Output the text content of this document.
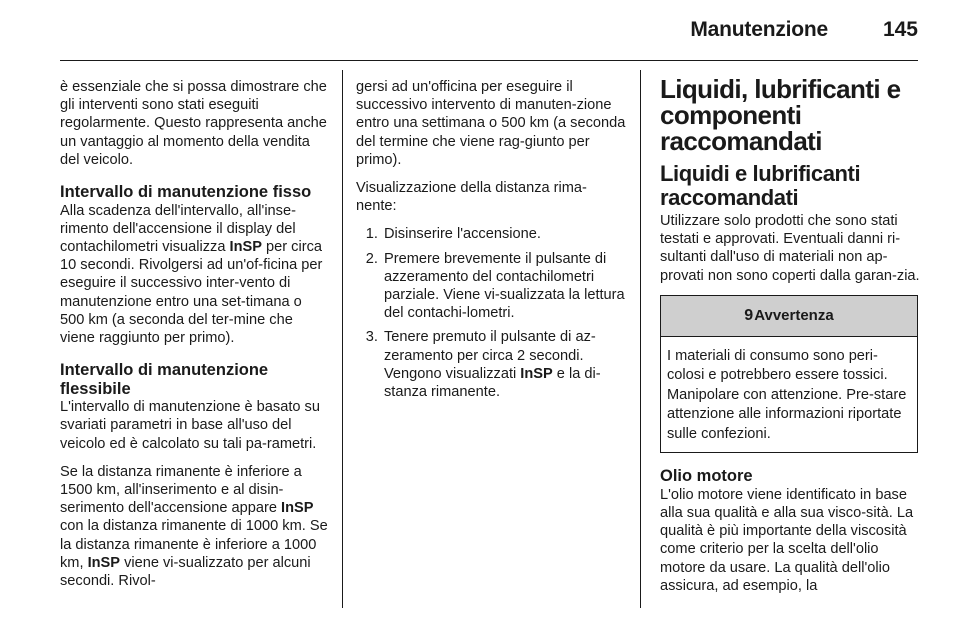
Manutenzione	145

è essenziale che si possa dimostrare che gli interventi sono stati eseguiti regolarmente. Questo rappresenta anche un vantaggio al momento della vendita del veicolo.

Intervallo di manutenzione fisso

Alla scadenza dell'intervallo, all'inse-rimento dell'accensione il display del contachilometri visualizza InSP per circa 10 secondi. Rivolgersi ad un'of-ficina per eseguire il successivo inter-vento di manutenzione entro una set-timana o 500 km (a seconda del ter-mine che viene raggiunto per primo).

Intervallo di manutenzione flessibile

L'intervallo di manutenzione è basato su svariati parametri in base all'uso del veicolo ed è calcolato su tali pa-rametri.

Se la distanza rimanente è inferiore a 1500 km, all'inserimento e al disin-serimento dell'accensione appare InSP con la distanza rimanente di 1000 km. Se la distanza rimanente è inferiore a 1000 km, InSP viene vi-sualizzato per alcuni secondi. Rivol-

gersi ad un'officina per eseguire il successivo intervento di manuten-zione entro una settimana o 500 km (a seconda del termine che viene rag-giunto per primo).

Visualizzazione della distanza rima-nente:

1. Disinserire l'accensione.
2. Premere brevemente il pulsante di azzeramento del contachilometri parziale. Viene vi-sualizzata la lettura del contachi-lometri.
3. Tenere premuto il pulsante di az-zeramento per circa 2 secondi. Vengono visualizzati InSP e la di-stanza rimanente.
Liquidi, lubrificanti e componenti raccomandati
Liquidi e lubrificanti raccomandati

Utilizzare solo prodotti che sono stati testati e approvati. Eventuali danni ri-sultanti dall'uso di materiali non ap-provati non sono coperti dalla garan-zia.

9 Avvertenza
I materiali di consumo sono peri-colosi e potrebbero essere tossici. Manipolare con attenzione. Pre-stare attenzione alle informazioni riportate sulle confezioni.
Olio motore

L'olio motore viene identificato in base alla sua qualità e alla sua visco-sità. La qualità è più importante della viscosità come criterio per la scelta dell'olio motore da usare. La qualità dell'olio assicura, ad esempio, la
